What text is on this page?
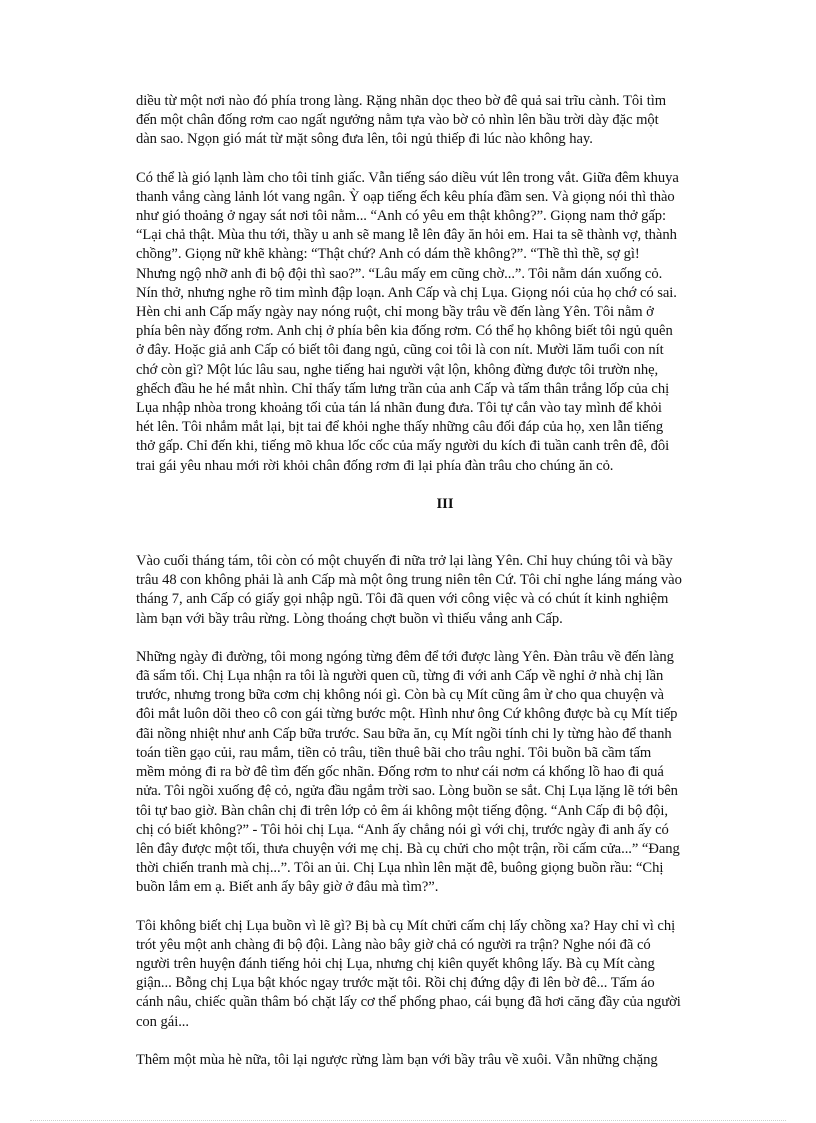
diều từ một nơi nào đó phía trong làng. Rặng nhãn dọc theo bờ đê quả sai trĩu cành. Tôi tìm
đến một chân đống rơm cao ngất ngưởng nằm tựa vào bờ cỏ nhìn lên bầu trời dày đặc một
dàn sao. Ngọn gió mát từ mặt sông đưa lên, tôi ngủ thiếp đi lúc nào không hay.

Có thể là gió lạnh làm cho tôi tỉnh giấc. Vẫn tiếng sáo diều vút lên trong vắt. Giữa đêm khuya
thanh vắng càng lảnh lót vang ngân. Ỳ oạp tiếng ếch kêu phía đầm sen. Và giọng nói thì thào
như gió thoảng ở ngay sát nơi tôi nằm... “Anh có yêu em thật không?”. Giọng nam thở gấp:
“Lại chả thật. Mùa thu tới, thầy u anh sẽ mang lễ lên đây ăn hỏi em. Hai ta sẽ thành vợ, thành
chồng”. Giọng nữ khẽ khàng: “Thật chứ? Anh có dám thề không?”. “Thề thì thề, sợ gì!
Nhưng ngộ nhỡ anh đi bộ đội thì sao?”. “Lâu mấy em cũng chờ...”. Tôi nằm dán xuống cỏ.
Nín thở, nhưng nghe rõ tim mình đập loạn. Anh Cấp và chị Lụa. Giọng nói của họ chớ có sai.
Hèn chi anh Cấp mấy ngày nay nóng ruột, chỉ mong bầy trâu về đến làng Yên. Tôi nằm ở
phía bên này đống rơm. Anh chị ở phía bên kia đống rơm. Có thể họ không biết tôi ngủ quên
ở đây. Hoặc giả anh Cấp có biết tôi đang ngủ, cũng coi tôi là con nít. Mười lăm tuổi con nít
chớ còn gì? Một lúc lâu sau, nghe tiếng hai người vật lộn, không đừng được tôi trườn nhẹ,
ghếch đầu he hé mắt nhìn. Chỉ thấy tấm lưng trần của anh Cấp và tấm thân trắng lốp của chị
Lụa nhập nhòa trong khoảng tối của tán lá nhãn đung đưa. Tôi tự cắn vào tay mình để khỏi
hét lên. Tôi nhắm mắt lại, bịt tai để khỏi nghe thấy những câu đối đáp của họ, xen lẫn tiếng
thở gấp. Chỉ đến khi, tiếng mõ khua lốc cốc của mấy người du kích đi tuần canh trên đê, đôi
trai gái yêu nhau mới rời khỏi chân đống rơm đi lại phía đàn trâu cho chúng ăn cỏ.

III

Vào cuối tháng tám, tôi còn có một chuyến đi nữa trở lại làng Yên. Chỉ huy chúng tôi và bầy
trâu 48 con không phải là anh Cấp mà một ông trung niên tên Cứ. Tôi chỉ nghe láng máng vào
tháng 7, anh Cấp có giấy gọi nhập ngũ. Tôi đã quen với công việc và có chút ít kinh nghiệm
làm bạn với bầy trâu rừng. Lòng thoáng chợt buồn vì thiếu vắng anh Cấp.

Những ngày đi đường, tôi mong ngóng từng đêm để tới được làng Yên. Đàn trâu về đến làng
đã sẩm tối. Chị Lụa nhận ra tôi là người quen cũ, từng đi với anh Cấp về nghỉ ở nhà chị lần
trước, nhưng trong bữa cơm chị không nói gì. Còn bà cụ Mít cũng âm ừ cho qua chuyện và
đôi mắt luôn dõi theo cô con gái từng bước một. Hình như ông Cứ không được bà cụ Mít tiếp
đãi nồng nhiệt như anh Cấp bữa trước. Sau bữa ăn, cụ Mít ngồi tính chi ly từng hào để thanh
toán tiền gạo củi, rau mắm, tiền cỏ trâu, tiền thuê bãi cho trâu nghỉ. Tôi buồn bã cầm tấm
mềm mỏng đi ra bờ đê tìm đến gốc nhãn. Đống rơm to như cái nơm cá khổng lồ hao đi quá
nửa. Tôi ngồi xuống đệ cỏ, ngửa đầu ngắm trời sao. Lòng buồn se sắt. Chị Lụa lặng lẽ tới bên
tôi tự bao giờ. Bàn chân chị đi trên lớp cỏ êm ái không một tiếng động. “Anh Cấp đi bộ đội,
chị có biết không?” - Tôi hỏi chị Lụa. “Anh ấy chẳng nói gì với chị, trước ngày đi anh ấy có
lên đây được một tối, thưa chuyện với mẹ chị. Bà cụ chửi cho một trận, rồi cấm cửa...” “Đang
thời chiến tranh mà chị...”. Tôi an ủi. Chị Lụa nhìn lên mặt đê, buông giọng buồn rầu: “Chị
buồn lắm em ạ. Biết anh ấy bây giờ ở đâu mà tìm?”.

Tôi không biết chị Lụa buồn vì lẽ gì? Bị bà cụ Mít chửi cấm chị lấy chồng xa? Hay chỉ vì chị
trót yêu một anh chàng đi bộ đội. Làng nào bây giờ chả có người ra trận? Nghe nói đã có
người trên huyện đánh tiếng hỏi chị Lụa, nhưng chị kiên quyết không lấy. Bà cụ Mít càng
giận... Bỗng chị Lụa bật khóc ngay trước mặt tôi. Rồi chị đứng dậy đi lên bờ đê... Tấm áo
cánh nâu, chiếc quần thâm bó chặt lấy cơ thể phổng phao, cái bụng đã hơi căng đầy của người
con gái...

Thêm một mùa hè nữa, tôi lại ngược rừng làm bạn với bầy trâu về xuôi. Vẫn những chặng
